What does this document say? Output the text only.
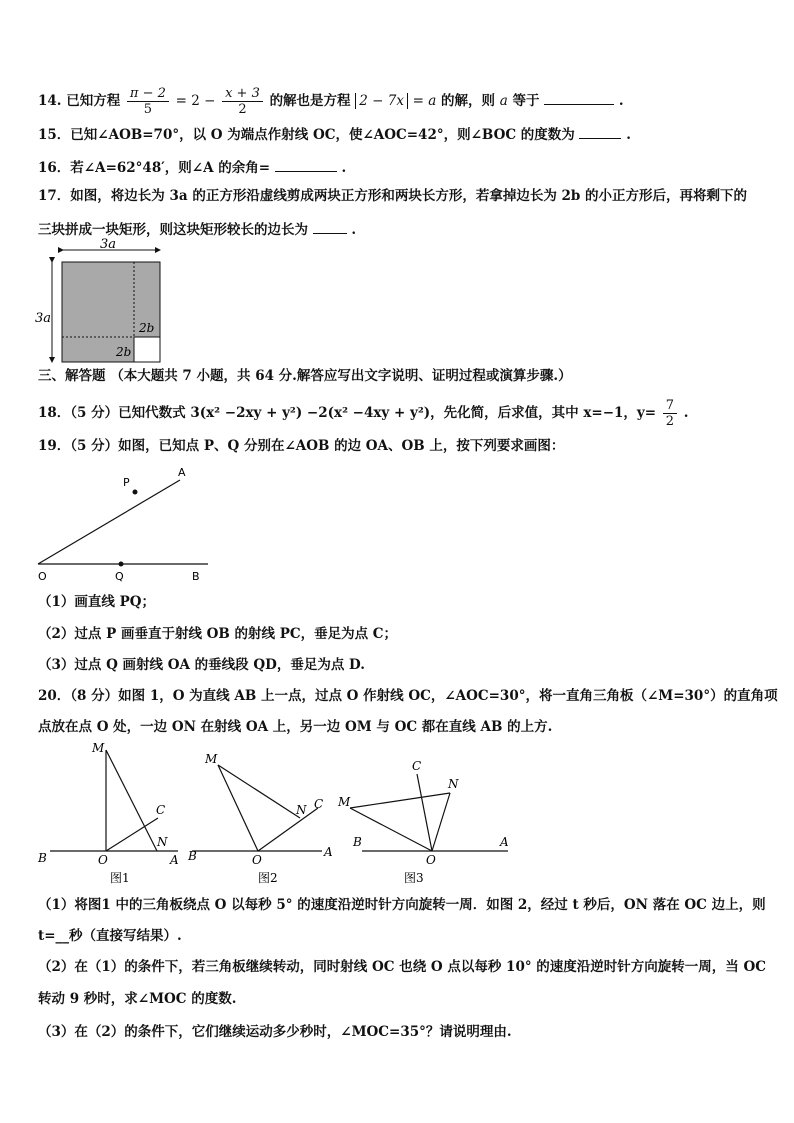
14. 已知方程 $\frac{\pi - 2}{5} = 2 - \frac{x + 3}{2}$ 的解也是方程 2 − 7x = a 的解，则 a 等于	.
15．已知∠AOB=70°，以 O 为端点作射线 OC，使∠AOC=42°，则∠BOC 的度数为	.
16．若∠A=62°48′，则∠A 的余角=	.
17．如图，将边长为 3a 的正方形沿虚线剪成两块正方形和两块长方形，若拿掉边长为 2b 的小正方形后，再将剩下的
三块拼成一块矩形，则这块矩形较长的边长为	.
3a
3a
2b
2b
三、解答题 （本大题共 7 小题，共 64 分.解答应写出文字说明、证明过程或演算步骤.）
18．（5 分）已知代数式 3(x² −2xy + y²) −2(x² −4xy + y²)，先化简，后求值，其中 x=−1，$y= \frac{7}{2}$ .
19．（5 分）如图，已知点 P、Q 分别在∠AOB 的边 OA、OB 上，按下列要求画图：
P
A
O	Q	B
（1）画直线 PQ；
（2）过点 P 画垂直于射线 OB 的射线 PC，垂足为点 C；
（3）过点 Q 画射线 OA 的垂线段 QD，垂足为点 D.
20．（8 分）如图 1，O 为直线 AB 上一点，过点 O 作射线 OC，∠AOC=30°，将一直角三角板（∠M=30°）的直角项
点放在点 O 处，一边 ON 在射线 OA 上，另一边 OM 与 OC 都在直线 AB 的上方.
M
C
N
B	O	A
图1
M
N C
B	O
A
图2
C
N
M
B
O
A
图3
（1）将图1 中的三角板绕点 O 以每秒 5° 的速度沿逆时针方向旋转一周．如图 2，经过 t 秒后，ON 落在 OC 边上，则
t=__秒（直接写结果）.
（2）在（1）的条件下，若三角板继续转动，同时射线 OC 也绕 O 点以每秒 10° 的速度沿逆时针方向旋转一周，当 OC
转动 9 秒时，求∠MOC 的度数.
（3）在（2）的条件下，它们继续运动多少秒时，∠MOC=35°？请说明理由.
